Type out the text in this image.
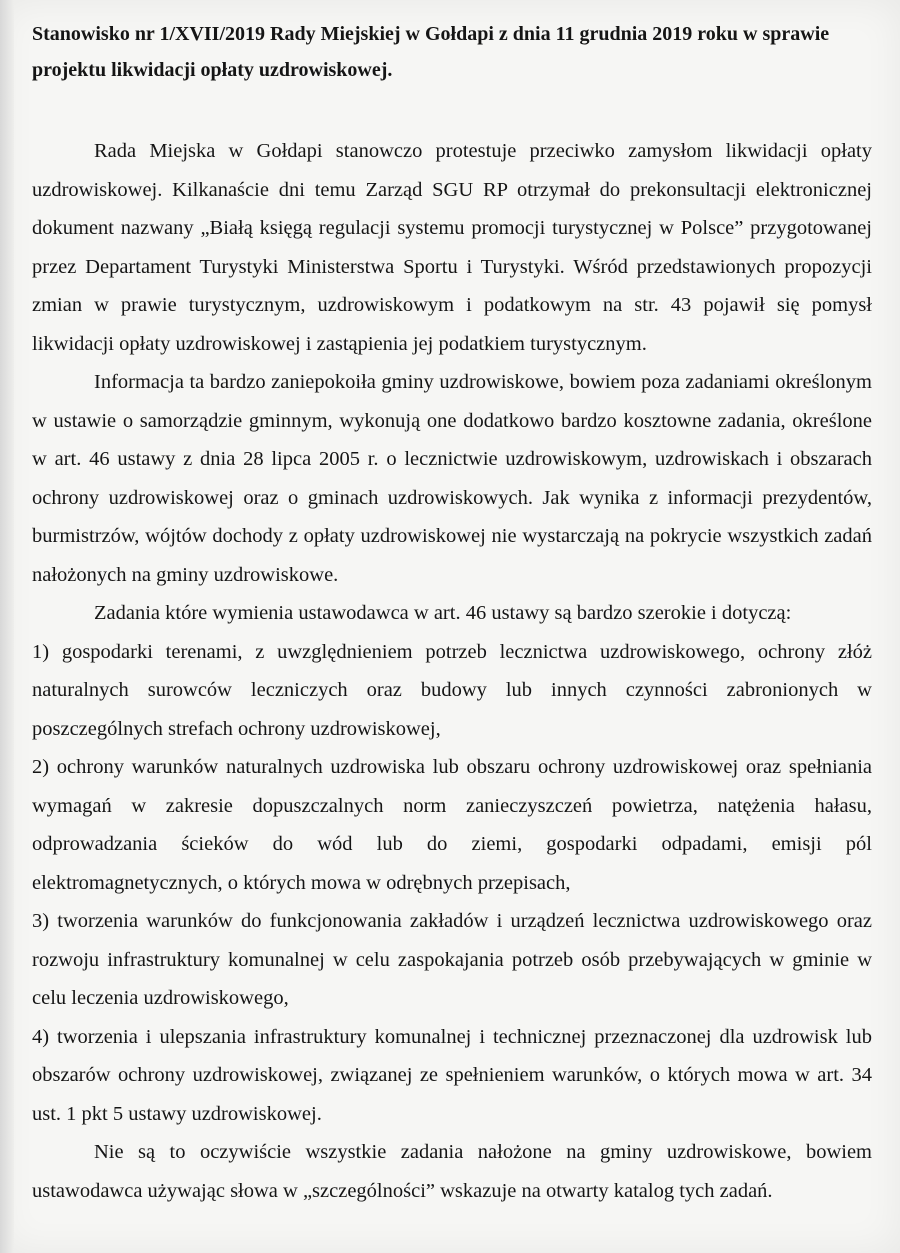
Stanowisko nr 1/XVII/2019 Rady Miejskiej w Gołdapi z dnia 11 grudnia 2019 roku w sprawie projektu likwidacji opłaty uzdrowiskowej.

Rada Miejska w Gołdapi stanowczo protestuje przeciwko zamysłom likwidacji opłaty uzdrowiskowej. Kilkanaście dni temu Zarząd SGU RP otrzymał do prekonsultacji elektronicznej dokument nazwany „Białą księgą regulacji systemu promocji turystycznej w Polsce” przygotowanej przez Departament Turystyki Ministerstwa Sportu i Turystyki. Wśród przedstawionych propozycji zmian w prawie turystycznym, uzdrowiskowym i podatkowym na str. 43 pojawił się pomysł likwidacji opłaty uzdrowiskowej i zastąpienia jej podatkiem turystycznym.

Informacja ta bardzo zaniepokoiła gminy uzdrowiskowe, bowiem poza zadaniami określonym w ustawie o samorządzie gminnym, wykonują one dodatkowo bardzo kosztowne zadania, określone w art. 46 ustawy z dnia 28 lipca 2005 r. o lecznictwie uzdrowiskowym, uzdrowiskach i obszarach ochrony uzdrowiskowej oraz o gminach uzdrowiskowych. Jak wynika z informacji prezydentów, burmistrzów, wójtów dochody z opłaty uzdrowiskowej nie wystarczają na pokrycie wszystkich zadań nałożonych na gminy uzdrowiskowe.

Zadania które wymienia ustawodawca w art. 46 ustawy są bardzo szerokie i dotyczą:

1) gospodarki terenami, z uwzględnieniem potrzeb lecznictwa uzdrowiskowego, ochrony złóż naturalnych surowców leczniczych oraz budowy lub innych czynności zabronionych w poszczególnych strefach ochrony uzdrowiskowej,

2) ochrony warunków naturalnych uzdrowiska lub obszaru ochrony uzdrowiskowej oraz spełniania wymagań w zakresie dopuszczalnych norm zanieczyszczeń powietrza, natężenia hałasu, odprowadzania ścieków do wód lub do ziemi, gospodarki odpadami, emisji pól elektromagnetycznych, o których mowa w odrębnych przepisach,

3) tworzenia warunków do funkcjonowania zakładów i urządzeń lecznictwa uzdrowiskowego oraz rozwoju infrastruktury komunalnej w celu zaspokajania potrzeb osób przebywających w gminie w celu leczenia uzdrowiskowego,

4) tworzenia i ulepszania infrastruktury komunalnej i technicznej przeznaczonej dla uzdrowisk lub obszarów ochrony uzdrowiskowej, związanej ze spełnieniem warunków, o których mowa w art. 34 ust. 1 pkt 5 ustawy uzdrowiskowej.

Nie są to oczywiście wszystkie zadania nałożone na gminy uzdrowiskowe, bowiem ustawodawca używając słowa w „szczególności” wskazuje na otwarty katalog tych zadań.
